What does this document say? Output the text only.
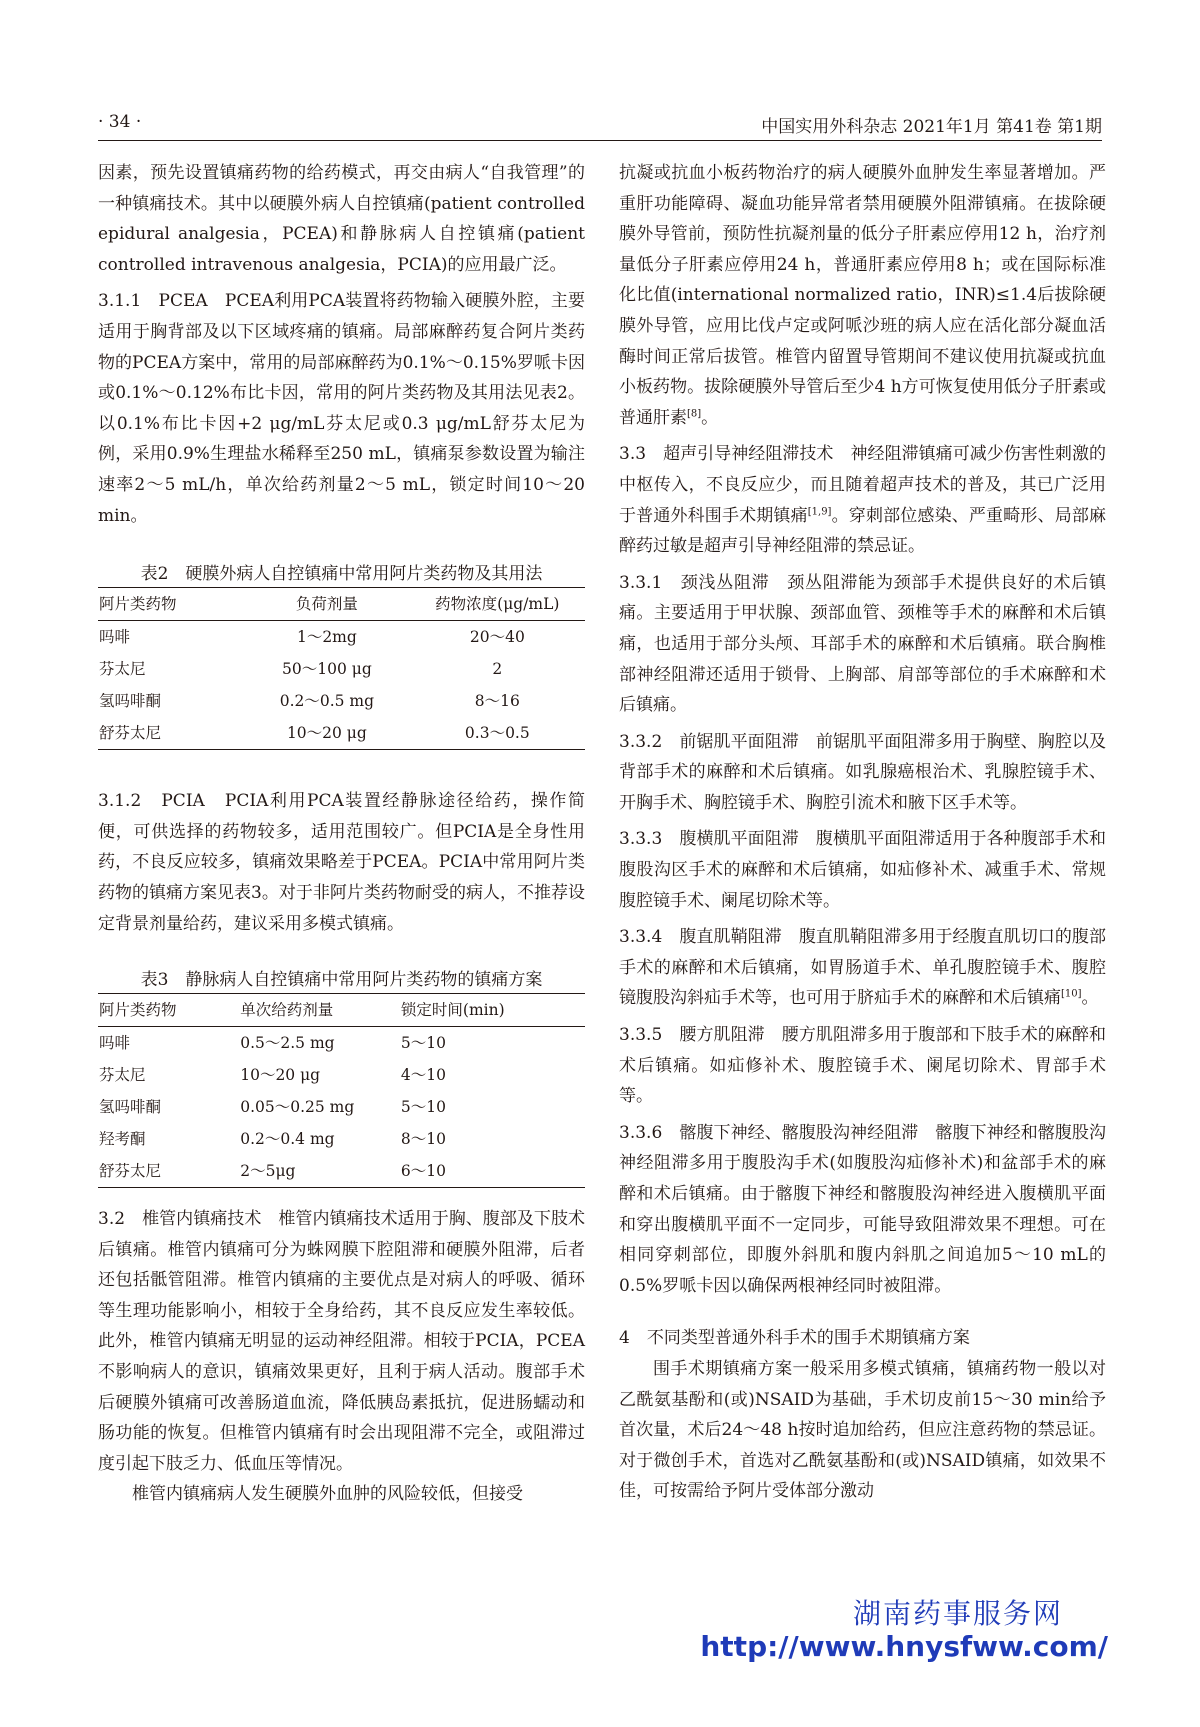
· 34 ·	中国实用外科杂志 2021年1月 第41卷 第1期

因素，预先设置镇痛药物的给药模式，再交由病人“自我管理”的一种镇痛技术。其中以硬膜外病人自控镇痛(patient controlled epidural analgesia，PCEA)和静脉病人自控镇痛(patient controlled intravenous analgesia，PCIA)的应用最广泛。

3.1.1　PCEA　PCEA利用PCA装置将药物输入硬膜外腔，主要适用于胸背部及以下区域疼痛的镇痛。局部麻醉药复合阿片类药物的PCEA方案中，常用的局部麻醉药为0.1%～0.15%罗哌卡因或0.1%～0.12%布比卡因，常用的阿片类药物及其用法见表2。以0.1%布比卡因+2 μg/mL芬太尼或0.3 μg/mL舒芬太尼为例，采用0.9%生理盐水稀释至250 mL，镇痛泵参数设置为输注速率2～5 mL/h，单次给药剂量2～5 mL，锁定时间10～20 min。

表2　硬膜外病人自控镇痛中常用阿片类药物及其用法
阿片类药物	负荷剂量	药物浓度(μg/mL)
吗啡	1～2mg	20～40
芬太尼	50～100 μg	2
氢吗啡酮	0.2～0.5 mg	8～16
舒芬太尼	10～20 μg	0.3～0.5

3.1.2　PCIA　PCIA利用PCA装置经静脉途径给药，操作简便，可供选择的药物较多，适用范围较广。但PCIA是全身性用药，不良反应较多，镇痛效果略差于PCEA。PCIA中常用阿片类药物的镇痛方案见表3。对于非阿片类药物耐受的病人，不推荐设定背景剂量给药，建议采用多模式镇痛。

表3　静脉病人自控镇痛中常用阿片类药物的镇痛方案
阿片类药物	单次给药剂量	锁定时间(min)
吗啡	0.5～2.5 mg	5～10
芬太尼	10～20 μg	4～10
氢吗啡酮	0.05～0.25 mg	5～10
羟考酮	0.2～0.4 mg	8～10
舒芬太尼	2～5μg	6～10

3.2　椎管内镇痛技术　椎管内镇痛技术适用于胸、腹部及下肢术后镇痛。椎管内镇痛可分为蛛网膜下腔阻滞和硬膜外阻滞，后者还包括骶管阻滞。椎管内镇痛的主要优点是对病人的呼吸、循环等生理功能影响小，相较于全身给药，其不良反应发生率较低。此外，椎管内镇痛无明显的运动神经阻滞。相较于PCIA，PCEA不影响病人的意识，镇痛效果更好，且利于病人活动。腹部手术后硬膜外镇痛可改善肠道血流，降低胰岛素抵抗，促进肠蠕动和肠功能的恢复。但椎管内镇痛有时会出现阻滞不完全，或阻滞过度引起下肢乏力、低血压等情况。

椎管内镇痛病人发生硬膜外血肿的风险较低，但接受

抗凝或抗血小板药物治疗的病人硬膜外血肿发生率显著增加。严重肝功能障碍、凝血功能异常者禁用硬膜外阻滞镇痛。在拔除硬膜外导管前，预防性抗凝剂量的低分子肝素应停用12 h，治疗剂量低分子肝素应停用24 h，普通肝素应停用8 h；或在国际标准化比值(international normalized ratio，INR)≤1.4后拔除硬膜外导管，应用比伐卢定或阿哌沙班的病人应在活化部分凝血活酶时间正常后拔管。椎管内留置导管期间不建议使用抗凝或抗血小板药物。拔除硬膜外导管后至少4 h方可恢复使用低分子肝素或普通肝素[8]。

3.3　超声引导神经阻滞技术　神经阻滞镇痛可减少伤害性刺激的中枢传入，不良反应少，而且随着超声技术的普及，其已广泛用于普通外科围手术期镇痛[1,9]。穿刺部位感染、严重畸形、局部麻醉药过敏是超声引导神经阻滞的禁忌证。

3.3.1　颈浅丛阻滞　颈丛阻滞能为颈部手术提供良好的术后镇痛。主要适用于甲状腺、颈部血管、颈椎等手术的麻醉和术后镇痛，也适用于部分头颅、耳部手术的麻醉和术后镇痛。联合胸椎部神经阻滞还适用于锁骨、上胸部、肩部等部位的手术麻醉和术后镇痛。

3.3.2　前锯肌平面阻滞　前锯肌平面阻滞多用于胸壁、胸腔以及背部手术的麻醉和术后镇痛。如乳腺癌根治术、乳腺腔镜手术、开胸手术、胸腔镜手术、胸腔引流术和腋下区手术等。

3.3.3　腹横肌平面阻滞　腹横肌平面阻滞适用于各种腹部手术和腹股沟区手术的麻醉和术后镇痛，如疝修补术、减重手术、常规腹腔镜手术、阑尾切除术等。

3.3.4　腹直肌鞘阻滞　腹直肌鞘阻滞多用于经腹直肌切口的腹部手术的麻醉和术后镇痛，如胃肠道手术、单孔腹腔镜手术、腹腔镜腹股沟斜疝手术等，也可用于脐疝手术的麻醉和术后镇痛[10]。

3.3.5　腰方肌阻滞　腰方肌阻滞多用于腹部和下肢手术的麻醉和术后镇痛。如疝修补术、腹腔镜手术、阑尾切除术、胃部手术等。

3.3.6　髂腹下神经、髂腹股沟神经阻滞　髂腹下神经和髂腹股沟神经阻滞多用于腹股沟手术(如腹股沟疝修补术)和盆部手术的麻醉和术后镇痛。由于髂腹下神经和髂腹股沟神经进入腹横肌平面和穿出腹横肌平面不一定同步，可能导致阻滞效果不理想。可在相同穿刺部位，即腹外斜肌和腹内斜肌之间追加5～10 mL的0.5%罗哌卡因以确保两根神经同时被阻滞。

4　不同类型普通外科手术的围手术期镇痛方案

围手术期镇痛方案一般采用多模式镇痛，镇痛药物一般以对乙酰氨基酚和(或)NSAID为基础，手术切皮前15～30 min给予首次量，术后24～48 h按时追加给药，但应注意药物的禁忌证。对于微创手术，首选对乙酰氨基酚和(或)NSAID镇痛，如效果不佳，可按需给予阿片受体部分激动

湖南药事服务网
http://www.hnysfww.com/
